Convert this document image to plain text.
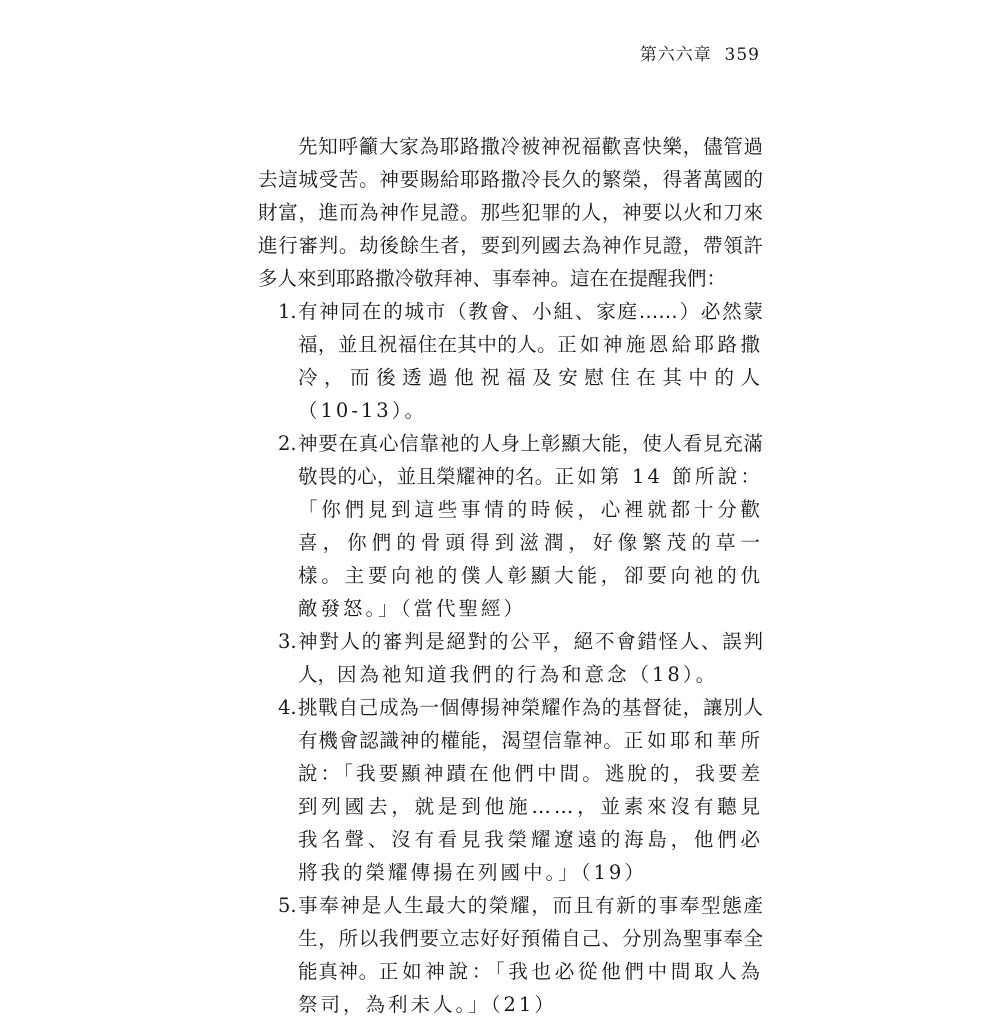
第六六章 359

先知呼籲大家為耶路撒冷被神祝福歡喜快樂，儘管過去這城受苦。神要賜給耶路撒冷長久的繁榮，得著萬國的財富，進而為神作見證。那些犯罪的人，神要以火和刀來進行審判。劫後餘生者，要到列國去為神作見證，帶領許多人來到耶路撒冷敬拜神、事奉神。這在在提醒我們：

1. 有神同在的城市（教會、小組、家庭……）必然蒙福，並且祝福住在其中的人。正如神施恩給耶路撒冷，而後透過他祝福及安慰住在其中的人（10-13）。
2. 神要在真心信靠祂的人身上彰顯大能，使人看見充滿敬畏的心，並且榮耀神的名。正如第 14 節所說：「你們見到這些事情的時候，心裡就都十分歡喜，你們的骨頭得到滋潤，好像繁茂的草一樣。主要向祂的僕人彰顯大能，卻要向祂的仇敵發怒。」（當代聖經）
3. 神對人的審判是絕對的公平，絕不會錯怪人、誤判人，因為祂知道我們的行為和意念（18）。
4. 挑戰自己成為一個傳揚神榮耀作為的基督徒，讓別人有機會認識神的權能，渴望信靠神。正如耶和華所說：「我要顯神蹟在他們中間。逃脫的，我要差到列國去，就是到他施……，並素來沒有聽見我名聲、沒有看見我榮耀遼遠的海島，他們必將我的榮耀傳揚在列國中。」（19）
5. 事奉神是人生最大的榮耀，而且有新的事奉型態產生，所以我們要立志好好預備自己、分別為聖事奉全能真神。正如神說：「我也必從他們中間取人為祭司，為利未人。」（21）
